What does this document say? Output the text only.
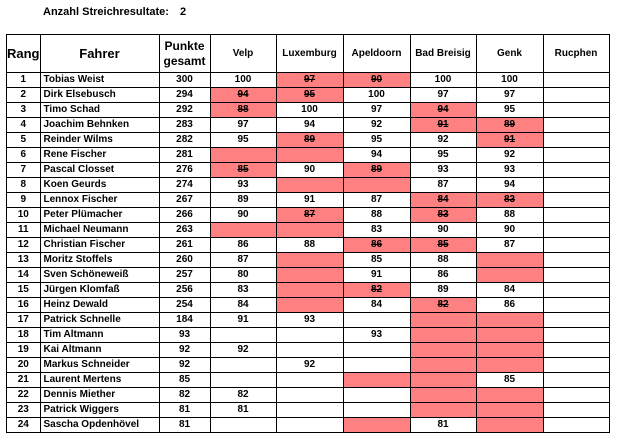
Anzahl Streichresultate: 2
Rang	Fahrer	Punkte gesamt	Velp	Luxemburg	Apeldoorn	Bad Breisig	Genk	Rucphen
1	Tobias Weist	300	100	97	90	100	100	
2	Dirk Elsebusch	294	94	95	100	97	97	
3	Timo Schad	292	88	100	97	94	95	
4	Joachim Behnken	283	97	94	92	91	89	
5	Reinder Wilms	282	95	89	95	92	91	
6	Rene Fischer	281			94	95	92	
7	Pascal Closset	276	85	90	89	93	93	
8	Koen Geurds	274	93			87	94	
9	Lennox Fischer	267	89	91	87	84	83	
10	Peter Plümacher	266	90	87	88	83	88	
11	Michael Neumann	263			83	90	90	
12	Christian Fischer	261	86	88	86	85	87	
13	Moritz Stoffels	260	87		85	88		
14	Sven Schöneweiß	257	80		91	86		
15	Jürgen Klomfaß	256	83		82	89	84	
16	Heinz Dewald	254	84		84	82	86	
17	Patrick Schnelle	184	91	93				
18	Tim Altmann	93			93			
19	Kai Altmann	92	92					
20	Markus Schneider	92		92				
21	Laurent Mertens	85					85	
22	Dennis Miether	82	82					
23	Patrick Wiggers	81	81					
24	Sascha Opdenhövel	81				81		
